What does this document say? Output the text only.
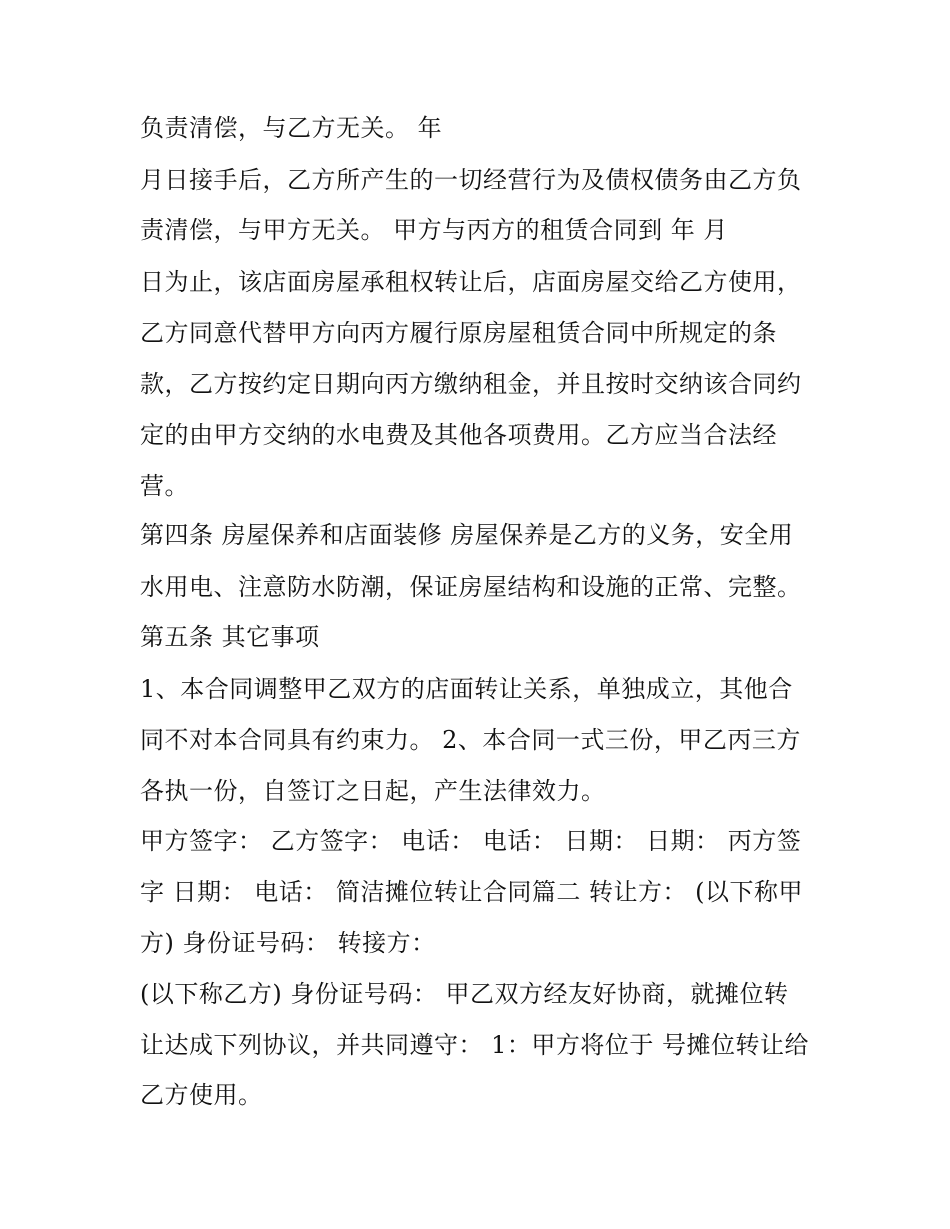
负责清偿，与乙方无关。 年
月日接手后，乙方所产生的一切经营行为及债权债务由乙方负
责清偿，与甲方无关。 甲方与丙方的租赁合同到 年 月
日为止，该店面房屋承租权转让后，店面房屋交给乙方使用，
乙方同意代替甲方向丙方履行原房屋租赁合同中所规定的条
款，乙方按约定日期向丙方缴纳租金，并且按时交纳该合同约
定的由甲方交纳的水电费及其他各项费用。乙方应当合法经
营。
第四条 房屋保养和店面装修 房屋保养是乙方的义务，安全用
水用电、注意防水防潮，保证房屋结构和设施的正常、完整。
第五条 其它事项
1、本合同调整甲乙双方的店面转让关系，单独成立，其他合
同不对本合同具有约束力。 2、本合同一式三份，甲乙丙三方
各执一份，自签订之日起，产生法律效力。
甲方签字： 乙方签字： 电话： 电话： 日期： 日期： 丙方签
字 日期： 电话： 简洁摊位转让合同篇二 转让方： (以下称甲
方) 身份证号码： 转接方：
(以下称乙方) 身份证号码： 甲乙双方经友好协商，就摊位转
让达成下列协议，并共同遵守： 1：甲方将位于 号摊位转让给
乙方使用。
